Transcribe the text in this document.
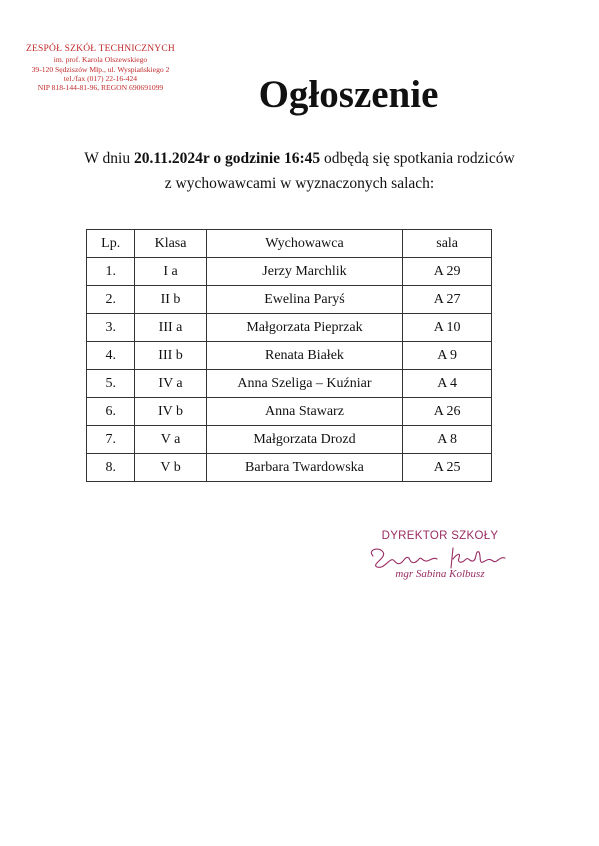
ZESPÓŁ SZKÓŁ TECHNICZNYCH
im. prof. Karola Olszewskiego
39-120 Sędziszów Młp., ul. Wyspiańskiego 2
tel./fax (017) 22-16-424
NIP 818-144-81-96, REGON 690691099	Ogłoszenie
W dniu 20.11.2024r o godzinie 16:45 odbędą się spotkania rodziców
z wychowawcami w wyznaczonych salach:
Lp.	Klasa	Wychowawca	sala
1.	I a	Jerzy Marchlik	A 29
2.	II b	Ewelina Paryś	A 27
3.	III a	Małgorzata Pieprzak	A 10
4.	III b	Renata Białek	A 9
5.	IV a	Anna Szeliga – Kuźniar	A 4
6.	IV b	Anna Stawarz	A 26
7.	V a	Małgorzata Drozd	A 8
8.	V b	Barbara Twardowska	A 25
DYREKTOR SZKOŁY
mgr Sabina Kolbusz
